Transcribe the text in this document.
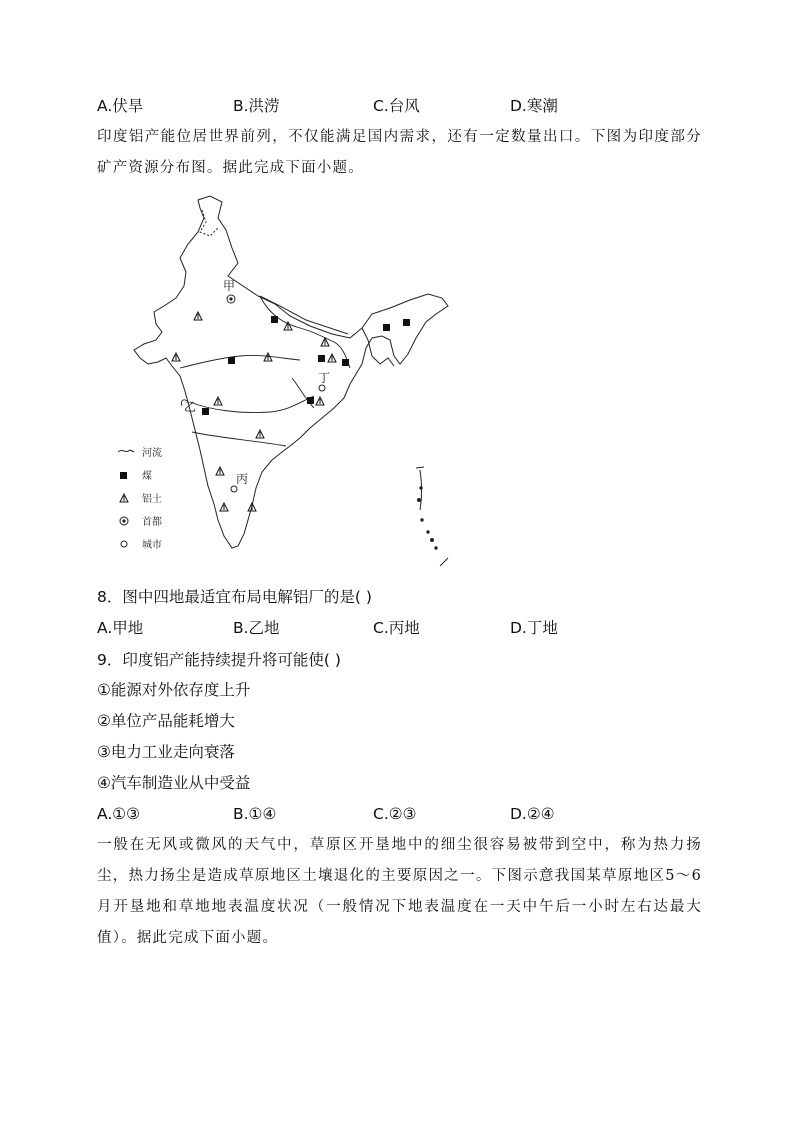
A.伏旱	B.洪涝	C.台风	D.寒潮
印度铝产能位居世界前列，不仅能满足国内需求，还有一定数量出口。下图为印度部分矿产资源分布图。据此完成下面小题。
甲
丁
乙
丙
河流
煤
铝土
首都
城市
8．图中四地最适宜布局电解铝厂的是( )
A.甲地	B.乙地	C.丙地	D.丁地
9．印度铝产能持续提升将可能使( )
①能源对外依存度上升
②单位产品能耗增大
③电力工业走向衰落
④汽车制造业从中受益
A.①③	B.①④	C.②③	D.②④
一般在无风或微风的天气中，草原区开垦地中的细尘很容易被带到空中，称为热力扬尘，热力扬尘是造成草原地区土壤退化的主要原因之一。下图示意我国某草原地区5～6月开垦地和草地地表温度状况（一般情况下地表温度在一天中午后一小时左右达最大值）。据此完成下面小题。
